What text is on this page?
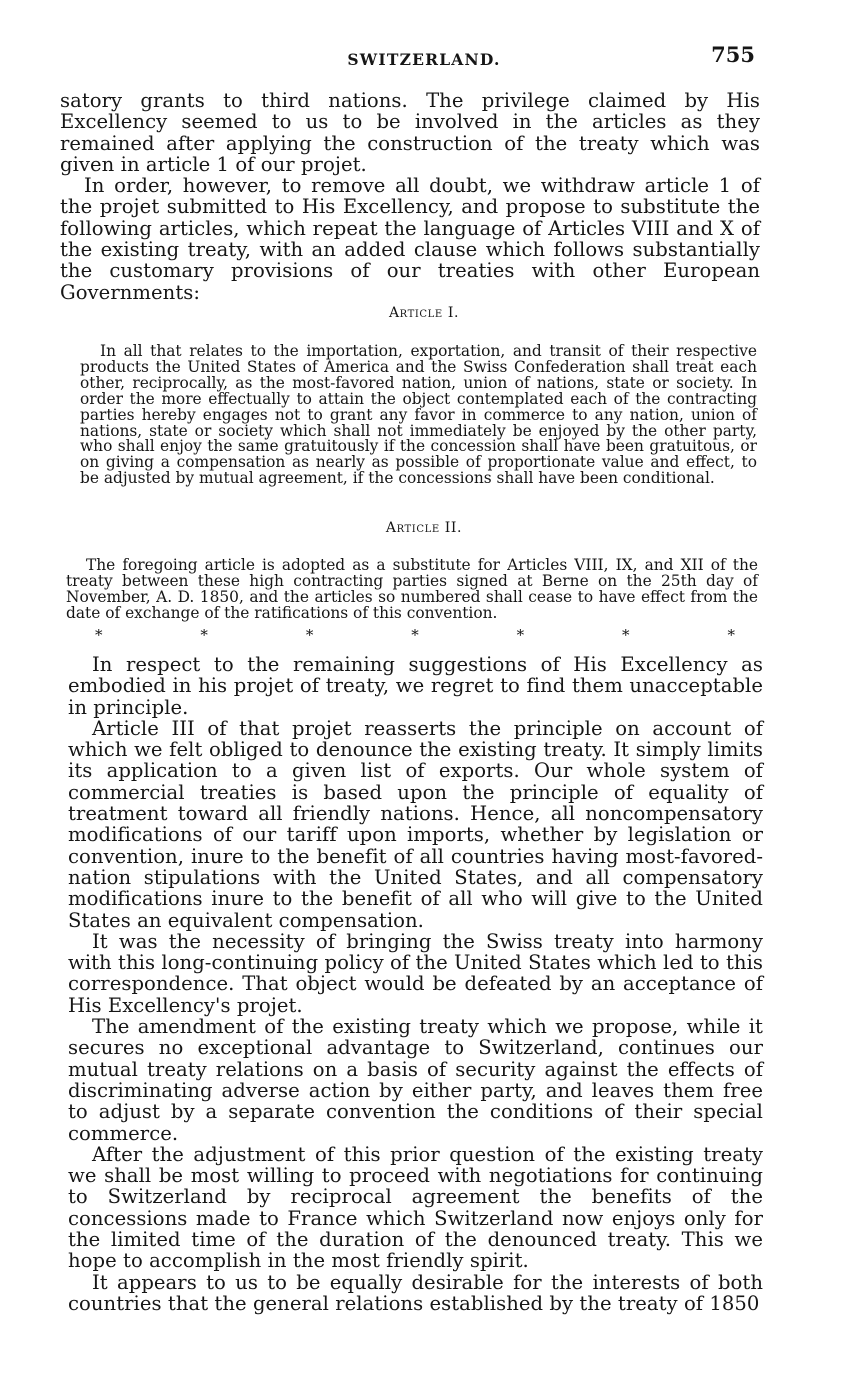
SWITZERLAND.	755

satory grants to third nations. The privilege claimed by His Excellency seemed to us to be involved in the articles as they remained after applying the construction of the treaty which was given in article 1 of our projet.

In order, however, to remove all doubt, we withdraw article 1 of the projet submitted to His Excellency, and propose to substitute the following articles, which repeat the language of Articles VIII and X of the existing treaty, with an added clause which follows substantially the customary provisions of our treaties with other European Governments:

Article I.

In all that relates to the importation, exportation, and transit of their respective products the United States of America and the Swiss Confederation shall treat each other, reciprocally, as the most-favored nation, union of nations, state or society. In order the more effectually to attain the object contemplated each of the contracting parties hereby engages not to grant any favor in commerce to any nation, union of nations, state or society which shall not immediately be enjoyed by the other party, who shall enjoy the same gratuitously if the concession shall have been gratuitous, or on giving a compensation as nearly as possible of proportionate value and effect, to be adjusted by mutual agreement, if the concessions shall have been conditional.

Article II.

The foregoing article is adopted as a substitute for Articles VIII, IX, and XII of the treaty between these high contracting parties signed at Berne on the 25th day of November, A. D. 1850, and the articles so numbered shall cease to have effect from the date of exchange of the ratifications of this convention.

*	*	*	*	*	*	*

In respect to the remaining suggestions of His Excellency as embodied in his projet of treaty, we regret to find them unacceptable in principle.

Article III of that projet reasserts the principle on account of which we felt obliged to denounce the existing treaty. It simply limits its application to a given list of exports. Our whole system of commercial treaties is based upon the principle of equality of treatment toward all friendly nations. Hence, all noncompensatory modifications of our tariff upon imports, whether by legislation or convention, inure to the benefit of all countries having most-favored-nation stipulations with the United States, and all compensatory modifications inure to the benefit of all who will give to the United States an equivalent compensation.

It was the necessity of bringing the Swiss treaty into harmony with this long-continuing policy of the United States which led to this correspondence. That object would be defeated by an acceptance of His Excellency's projet.

The amendment of the existing treaty which we propose, while it secures no exceptional advantage to Switzerland, continues our mutual treaty relations on a basis of security against the effects of discriminating adverse action by either party, and leaves them free to adjust by a separate convention the conditions of their special commerce.

After the adjustment of this prior question of the existing treaty we shall be most willing to proceed with negotiations for continuing to Switzerland by reciprocal agreement the benefits of the concessions made to France which Switzerland now enjoys only for the limited time of the duration of the denounced treaty. This we hope to accomplish in the most friendly spirit.

It appears to us to be equally desirable for the interests of both countries that the general relations established by the treaty of 1850
